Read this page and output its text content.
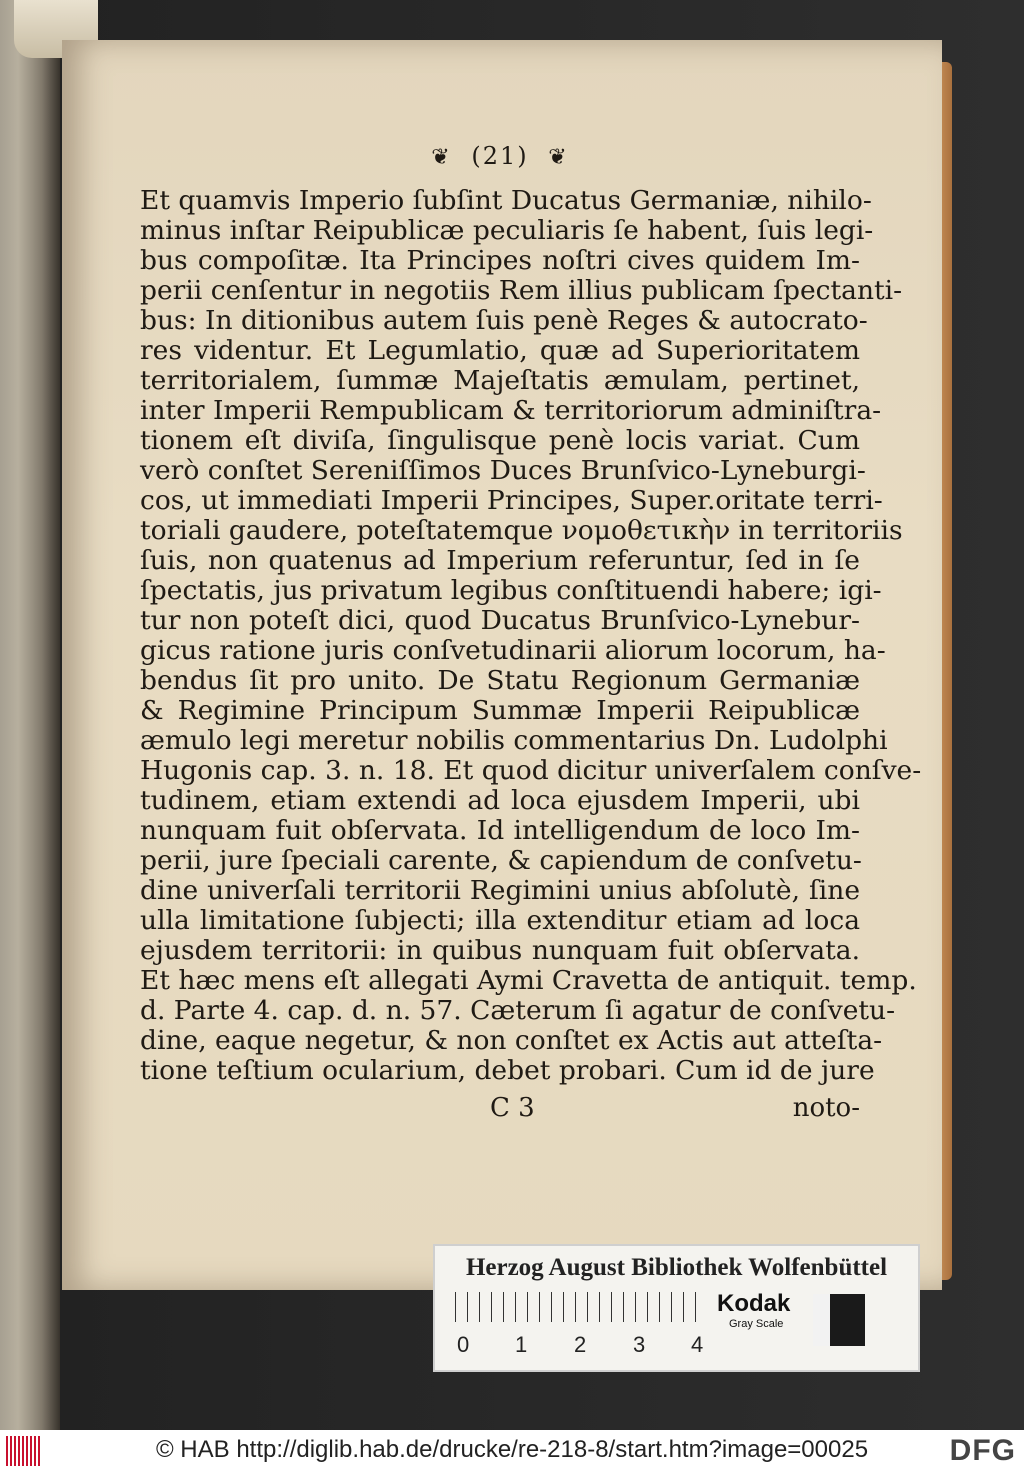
❦ (21) ❦
Et quamvis Imperio ſubſint Ducatus Germaniæ, nihilo-
minus inſtar Reipublicæ peculiaris ſe habent, ſuis legi-
bus compoſitæ. Ita Principes noſtri cives quidem Im-
perii cenſentur in negotiis Rem illius publicam ſpectanti-
bus: In ditionibus autem ſuis penè Reges & autocrato-
res videntur. Et Legumlatio, quæ ad Superioritatem
territorialem, ſummæ Majeſtatis æmulam, pertinet,
inter Imperii Rempublicam & territoriorum adminiſtra-
tionem eſt diviſa, ſingulisque penè locis variat. Cum
verò conſtet Sereniſſimos Duces Brunſvico-Lyneburgi-
cos, ut immediati Imperii Principes, Super.oritate terri-
toriali gaudere, poteſtatemque νομοθετικὴν in territoriis
ſuis, non quatenus ad Imperium referuntur, ſed in ſe
ſpectatis, jus privatum legibus conſtituendi habere; igi-
tur non poteſt dici, quod Ducatus Brunſvico-Lynebur-
gicus ratione juris conſvetudinarii aliorum locorum, ha-
bendus ſit pro unito. De Statu Regionum Germaniæ
& Regimine Principum Summæ Imperii Reipublicæ
æmulo legi meretur nobilis commentarius Dn. Ludolphi
Hugonis cap. 3. n. 18. Et quod dicitur univerſalem conſve-
tudinem, etiam extendi ad loca ejusdem Imperii, ubi
nunquam fuit obſervata. Id intelligendum de loco Im-
perii, jure ſpeciali carente, & capiendum de conſvetu-
dine univerſali territorii Regimini unius abſolutè, ſine
ulla limitatione ſubjecti; illa extenditur etiam ad loca
ejusdem territorii: in quibus nunquam fuit obſervata.
Et hæc mens eſt allegati Aymi Cravetta de antiquit. temp.
d. Parte 4. cap. d. n. 57. Cæterum ſi agatur de conſvetu-
dine, eaque negetur, & non conſtet ex Actis aut atteſta-
tione teſtium ocularium, debet probari. Cum id de jure
C 3	noto-
Herzog August Bibliothek Wolfenbüttel
0 1 2 3 4
Kodak
Gray Scale
© HAB http://diglib.hab.de/drucke/re-218-8/start.htm?image=00025	DFG
